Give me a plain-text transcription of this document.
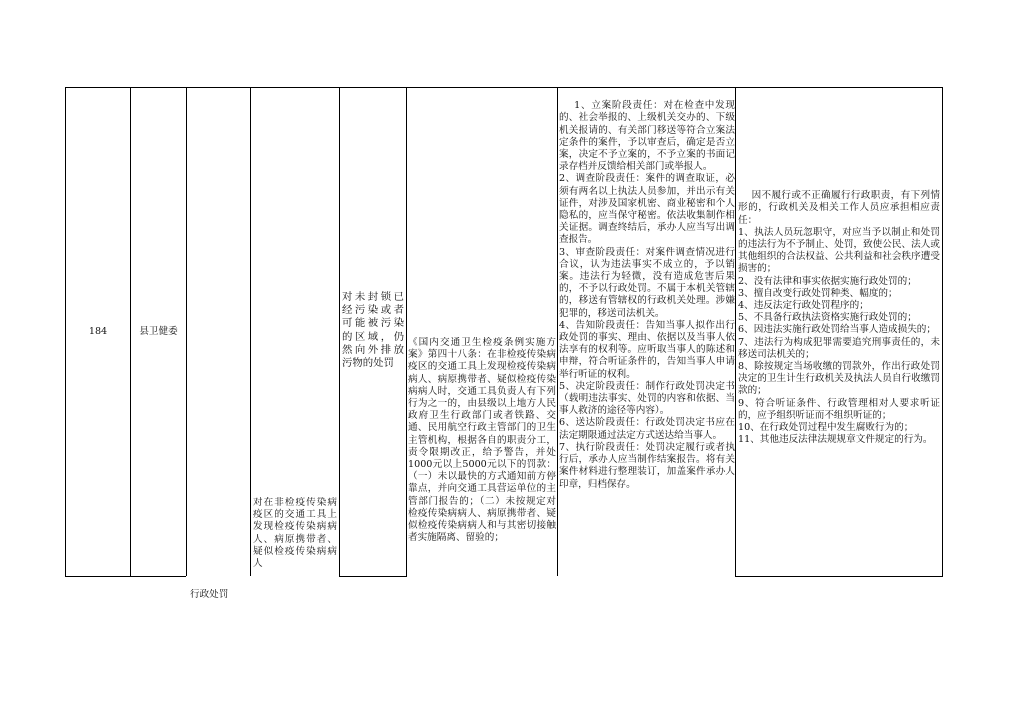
184	县卫健委
行政处罚
对在非检疫传染病疫区的交通工具上发现检疫传染病病人、病原携带者、疑似检疫传染病病人
对未封锁已经污染或者可能被污染的区域，仍然向外排放污物的处罚
《国内交通卫生检疫条例实施方案》第四十八条：在非检疫传染病疫区的交通工具上发现检疫传染病病人、病原携带者、疑似检疫传染病病人时，交通工具负责人有下列行为之一的，由县级以上地方人民政府卫生行政部门或者铁路、交通、民用航空行政主管部门的卫生主管机构，根据各自的职责分工，责令限期改正，给予警告，并处1000元以上5000元以下的罚款：（一）未以最快的方式通知前方停靠点，并向交通工具营运单位的主管部门报告的；（二）未按规定对检疫传染病病人、病原携带者、疑似检疫传染病病人和与其密切接触者实施隔离、留验的；

1、立案阶段责任：对在检查中发现的、社会举报的、上级机关交办的、下级机关报请的、有关部门移送等符合立案法定条件的案件，予以审查后，确定是否立案，决定不予立案的，不予立案的书面记录存档并反馈给相关部门或举报人。
2、调查阶段责任：案件的调查取证，必须有两名以上执法人员参加，并出示有关证件，对涉及国家机密、商业秘密和个人隐私的，应当保守秘密。依法收集制作相关证据。调查终结后，承办人应当写出调查报告。
3、审查阶段责任：对案件调查情况进行合议，认为违法事实不成立的，予以销案。违法行为轻微，没有造成危害后果的，不予以行政处罚。不属于本机关管辖的，移送有管辖权的行政机关处理。涉嫌犯罪的，移送司法机关。
4、告知阶段责任：告知当事人拟作出行政处罚的事实、理由、依据以及当事人依法享有的权利等。应听取当事人的陈述和申辩，符合听证条件的，告知当事人申请举行听证的权利。
5、决定阶段责任：制作行政处罚决定书（载明违法事实、处罚的内容和依据、当事人救济的途径等内容）。
6、送达阶段责任：行政处罚决定书应在法定期限通过法定方式送达给当事人。
7、执行阶段责任：处罚决定履行或者执行后，承办人应当制作结案报告。将有关案件材料进行整理装订，加盖案件承办人印章，归档保存。

因不履行或不正确履行行政职责，有下列情形的，行政机关及相关工作人员应承担相应责任：
1、执法人员玩忽职守，对应当予以制止和处罚的违法行为不予制止、处罚，致使公民、法人或其他组织的合法权益、公共利益和社会秩序遭受损害的；
2、没有法律和事实依据实施行政处罚的；
3、擅自改变行政处罚种类、幅度的；
4、违反法定行政处罚程序的；
5、不具备行政执法资格实施行政处罚的；
6、因违法实施行政处罚给当事人造成损失的；
7、违法行为构成犯罪需要追究刑事责任的，未移送司法机关的；
8、除按规定当场收缴的罚款外，作出行政处罚决定的卫生计生行政机关及执法人员自行收缴罚款的；
9、符合听证条件、行政管理相对人要求听证的，应予组织听证而不组织听证的；
10、在行政处罚过程中发生腐败行为的；
11、其他违反法律法规规章文件规定的行为。
